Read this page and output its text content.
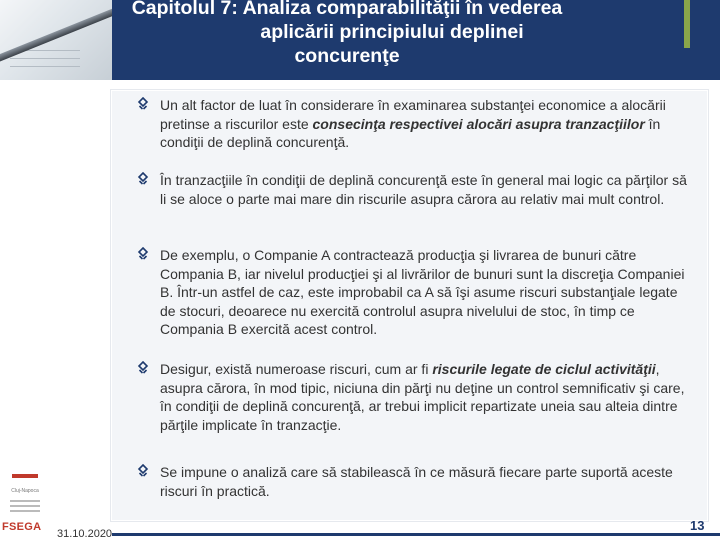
Capitolul 7: Analiza comparabilităţii în vederea
aplicării principiului deplinei
concurenţe
Un alt factor de luat în considerare în examinarea substanţei economice a alocării pretinse a riscurilor este consecinţa respectivei alocări asupra tranzacţiilor în condiţii de deplină concurenţă.
În tranzacţiile în condiţii de deplină concurenţă este în general mai logic ca părţilor să li se aloce o parte mai mare din riscurile asupra cărora au relativ mai mult control.
De exemplu, o Companie A contractează producţia şi livrarea de bunuri către Compania B, iar nivelul producţiei şi al livrărilor de bunuri sunt la discreţia Companiei B. Într-un astfel de caz, este improbabil ca A să îşi asume riscuri substanţiale legate de stocuri, deoarece nu exercită controlul asupra nivelului de stoc, în timp ce Compania B exercită acest control.
Desigur, există numeroase riscuri, cum ar fi riscurile legate de ciclul activităţii, asupra cărora, în mod tipic, niciuna din părţi nu deţine un control semnificativ şi care, în condiţii de deplină concurenţă, ar trebui implicit repartizate uneia sau alteia dintre părţile implicate în tranzacţie.
Se impune o analiză care să stabilească în ce măsură fiecare parte suportă aceste riscuri în practică.
Cluj-Napoca
FSEGA
31.10.2020
13
